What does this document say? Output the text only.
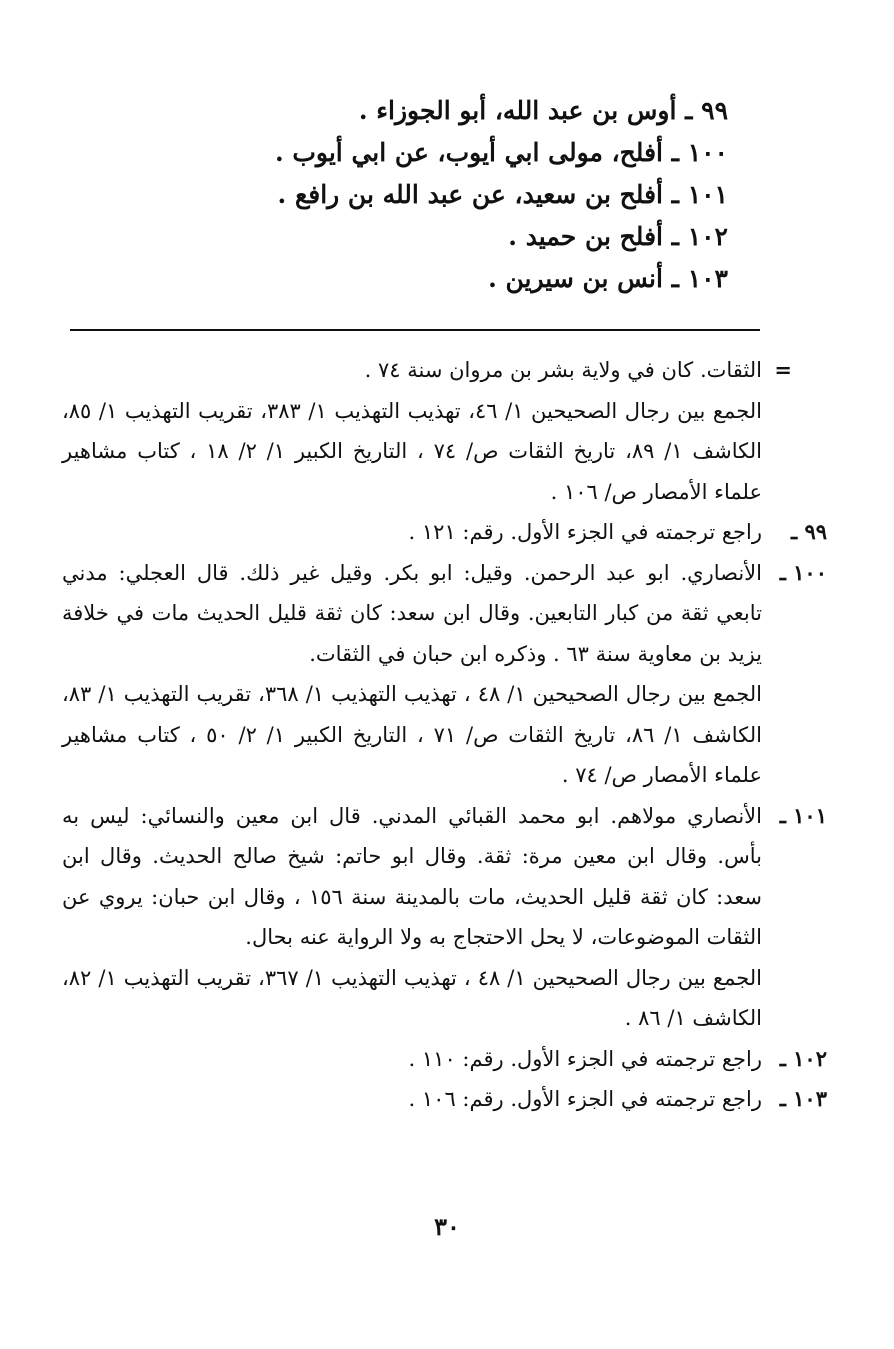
٩٩ ـ أوس بن عبد الله، أبو الجوزاء .
١٠٠ ـ أفلح، مولى ابي أيوب، عن ابي أيوب .
١٠١ ـ أفلح بن سعيد، عن عبد الله بن رافع .
١٠٢ ـ أفلح بن حميد .
١٠٣ ـ أنس بن سيرين .
=

الثقات. كان في ولاية بشر بن مروان سنة ٧٤ .

الجمع بين رجال الصحيحين ١/ ٤٦، تهذيب التهذيب ١/ ٣٨٣، تقريب التهذيب ١/ ٨٥، الكاشف ١/ ٨٩، تاريخ الثقات ص/ ٧٤ ، التاريخ الكبير ١/ ٢/ ١٨ ، كتاب مشاهير علماء الأمصار ص/ ١٠٦ .

٩٩ ـ

راجع ترجمته في الجزء الأول. رقم: ١٢١ .

١٠٠ ـ

الأنصاري. ابو عبد الرحمن. وقيل: ابو بكر. وقيل غير ذلك. قال العجلي: مدني تابعي ثقة من كبار التابعين. وقال ابن سعد: كان ثقة قليل الحديث مات في خلافة يزيد بن معاوية سنة ٦٣ . وذكره ابن حبان في الثقات.

الجمع بين رجال الصحيحين ١/ ٤٨ ، تهذيب التهذيب ١/ ٣٦٨، تقريب التهذيب ١/ ٨٣، الكاشف ١/ ٨٦، تاريخ الثقات ص/ ٧١ ، التاريخ الكبير ١/ ٢/ ٥٠ ، كتاب مشاهير علماء الأمصار ص/ ٧٤ .

١٠١ ـ

الأنصاري مولاهم. ابو محمد القبائي المدني. قال ابن معين والنسائي: ليس به بأس. وقال ابن معين مرة: ثقة. وقال ابو حاتم: شيخ صالح الحديث. وقال ابن سعد: كان ثقة قليل الحديث، مات بالمدينة سنة ١٥٦ ، وقال ابن حبان: يروي عن الثقات الموضوعات، لا يحل الاحتجاج به ولا الرواية عنه بحال.

الجمع بين رجال الصحيحين ١/ ٤٨ ، تهذيب التهذيب ١/ ٣٦٧، تقريب التهذيب ١/ ٨٢، الكاشف ١/ ٨٦ .

١٠٢ ـ

راجع ترجمته في الجزء الأول. رقم: ١١٠ .

١٠٣ ـ

راجع ترجمته في الجزء الأول. رقم: ١٠٦ .

٣٠
